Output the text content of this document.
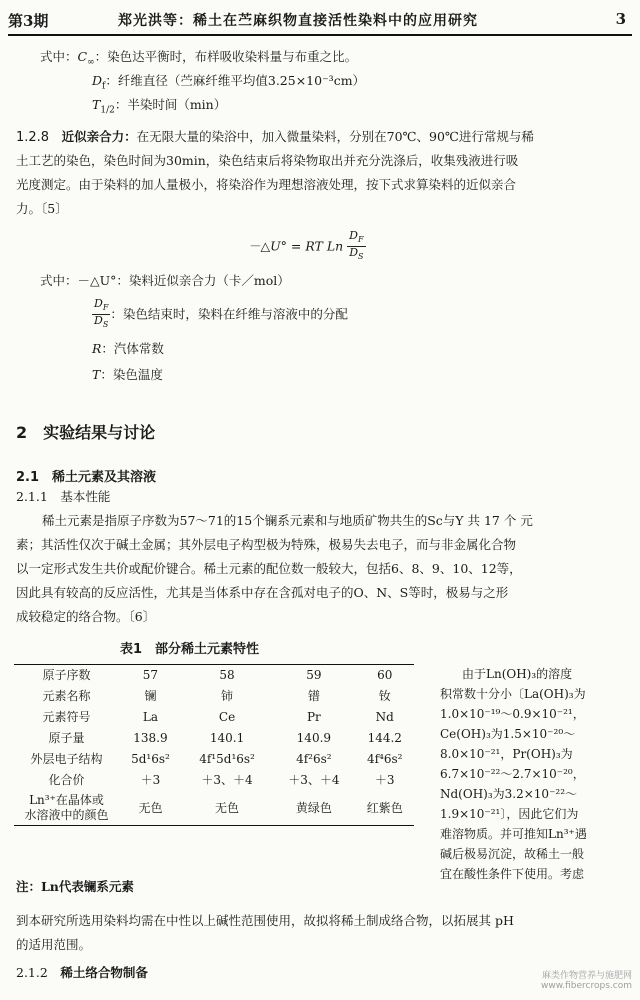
第3期	郑光洪等：稀土在苎麻织物直接活性染料中的应用研究	3
式中：$C_\infty$：染色达平衡时，布样吸收染料量与布重之比。
$D_f$：纤维直径（苎麻纤维平均值3.25×10⁻³cm）
$T_{1/2}$：半染时间（min）
1.2.8　 近似亲合力：在无限大量的染浴中，加入微量染料，分别在70℃、90℃进行常规与稀
土工艺的染色，染色时间为30min，染色结束后将染物取出并充分洗涤后，收集残液进行吸
光度测定。由于染料的加人量极小，将染浴作为理想溶液处理，按下式求算染料的近似亲合
力。〔5〕
－△U° = RT Ln $\frac{D_F}{D_S}$
式中：－△U°：染料近似亲合力（卡／mol）
$\frac{D_F}{D_S}$ ：染色结束时，染料在纤维与溶液中的分配
R：汽体常数
T：染色温度
2　 实验结果与讨论
2.1　 稀土元素及其溶液
2.1.1　 基本性能
稀土元素是指原子序数为57～71的15个镧系元素和与地质矿物共生的Sc与Y 共 17 个 元
素；其活性仅次于碱土金属；其外层电子构型极为特殊，极易失去电子，而与非金属化合物
以一定形式发生共价或配价键合。稀土元素的配位数一般较大，包括6、8、9、10、12等，
因此具有较高的反应活性，尤其是当体系中存在含孤对电子的O、N、S等时，极易与之形
成较稳定的络合物。〔6〕
表1　部分稀土元素特性
原子序数	57	58	59	60
元素名称	镧	铈	镨	钕
元素符号	La	Ce	Pr	Nd
原子量	138.9	140.1	140.9	144.2
外层电子结构	5d¹6s²	4f¹5d¹6s²	4f²6s²	4f⁴6s²
化合价	＋3	＋3、＋4	＋3、＋4	＋3
Ln³⁺在晶体或
水溶液中的颜色	无色	无色	黄绿色	红紫色
注：Ln代表镧系元素
由于Ln(OH)₃的溶度
积常数十分小〔La(OH)₃为
1.0×10⁻¹⁹～0.9×10⁻²¹，
Ce(OH)₃为1.5×10⁻²⁰～
8.0×10⁻²¹，Pr(OH)₃为
6.7×10⁻²²～2.7×10⁻²⁰，
Nd(OH)₃为3.2×10⁻²²～
1.9×10⁻²¹〕，因此它们为
难溶物质。并可推知Ln³⁺遇
碱后极易沉淀，故稀土一般
宜在酸性条件下使用。考虑
到本研究所选用染料均需在中性以上碱性范围使用，故拟将稀土制成络合物，以拓展其 pH
的适用范围。
2.1.2　 稀土络合物制备	麻类作物营养与施肥网
www.fibercrops.com
